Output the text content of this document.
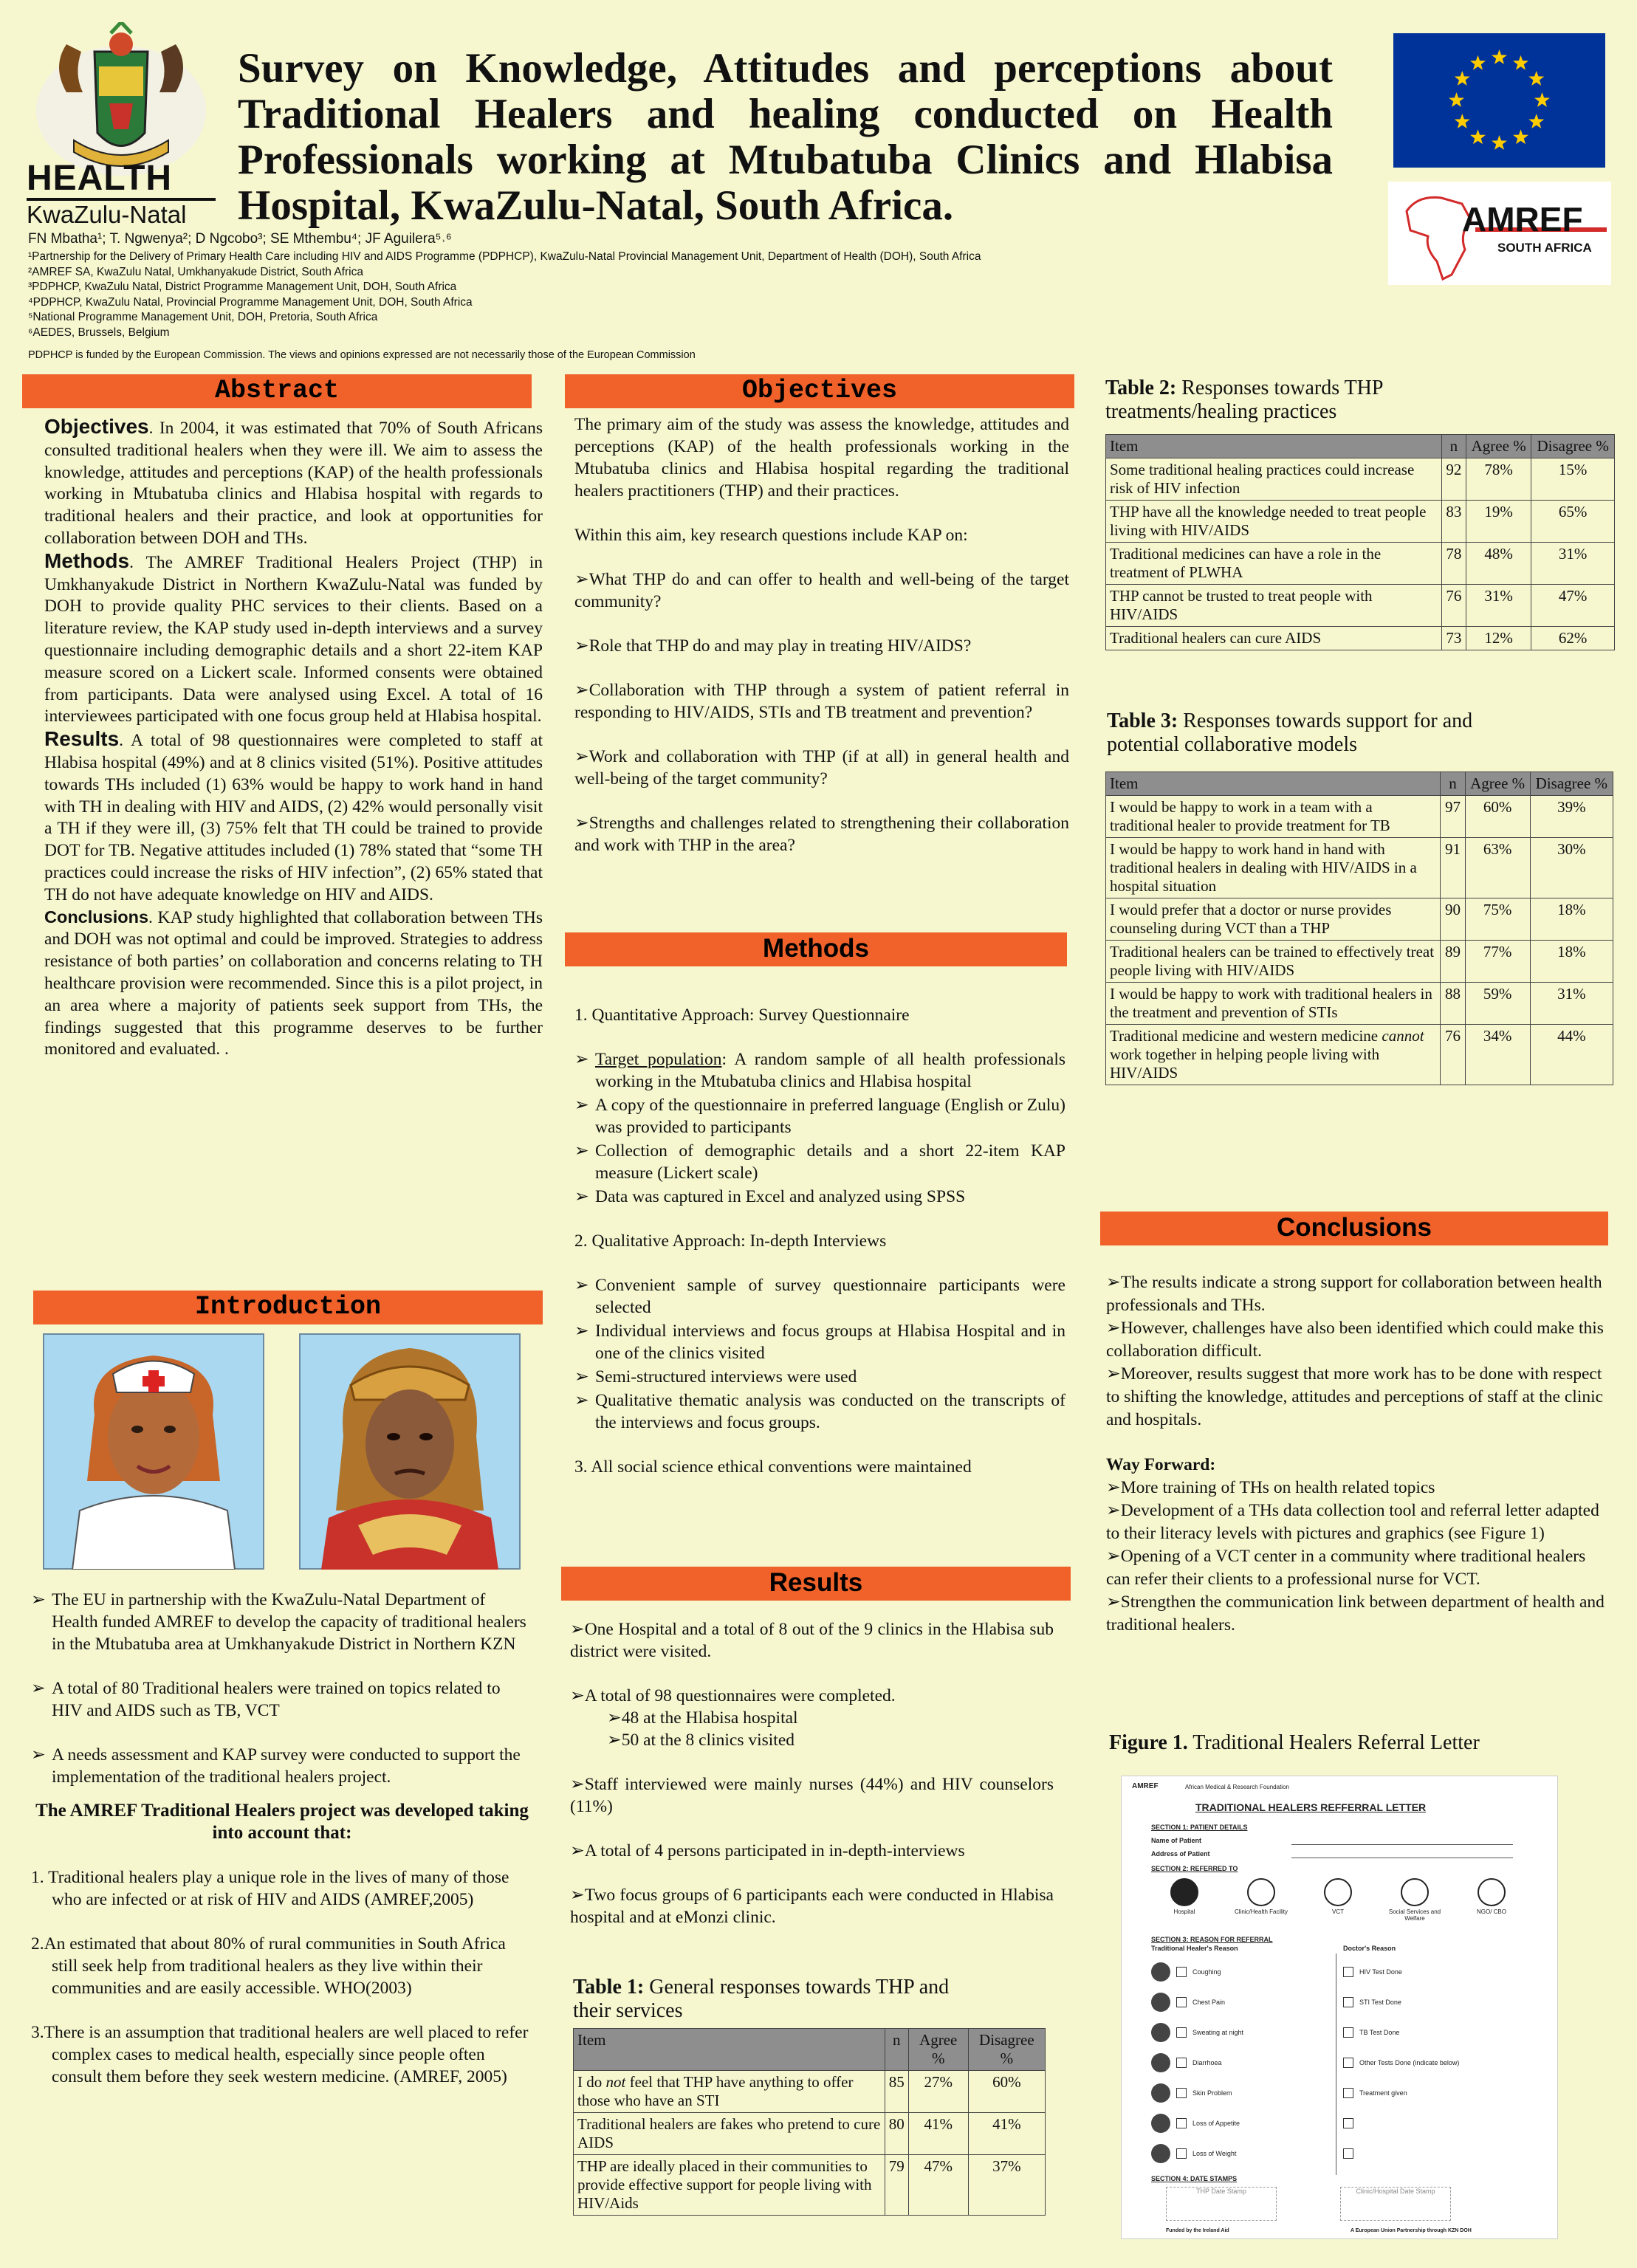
HEALTH
KwaZulu-Natal
Survey on Knowledge, Attitudes and perceptions about Traditional Healers and healing conducted on Health Professionals working at Mtubatuba Clinics and Hlabisa Hospital, KwaZulu-Natal, South Africa.	AMREF
SOUTH AFRICA
FN Mbatha¹; T. Ngwenya²; D Ngcobo³; SE Mthembu⁴; JF Aguilera⁵˒⁶
¹Partnership for the Delivery of Primary Health Care including HIV and AIDS Programme (PDPHCP), KwaZulu-Natal Provincial Management Unit, Department of Health (DOH), South Africa
²AMREF SA, KwaZulu Natal, Umkhanyakude District, South Africa
³PDPHCP, KwaZulu Natal, District Programme Management Unit, DOH, South Africa
⁴PDPHCP, KwaZulu Natal, Provincial Programme Management Unit, DOH, South Africa
⁵National Programme Management Unit, DOH, Pretoria, South Africa
⁶AEDES, Brussels, Belgium
PDPHCP is funded by the European Commission. The views and opinions expressed are not necessarily those of the European Commission
Abstract
Objectives. In 2004, it was estimated that 70% of South Africans consulted traditional healers when they were ill. We aim to assess the knowledge, attitudes and perceptions (KAP) of the health professionals working in Mtubatuba clinics and Hlabisa hospital with regards to traditional healers and their practice, and look at opportunities for collaboration between DOH and THs.
Methods. The AMREF Traditional Healers Project (THP) in Umkhanyakude District in Northern KwaZulu-Natal was funded by DOH to provide quality PHC services to their clients. Based on a literature review, the KAP study used in-depth interviews and a survey questionnaire including demographic details and a short 22-item KAP measure scored on a Lickert scale. Informed consents were obtained from participants. Data were analysed using Excel. A total of 16 interviewees participated with one focus group held at Hlabisa hospital.
Results. A total of 98 questionnaires were completed to staff at Hlabisa hospital (49%) and at 8 clinics visited (51%). Positive attitudes towards THs included (1) 63% would be happy to work hand in hand with TH in dealing with HIV and AIDS, (2) 42% would personally visit a TH if they were ill, (3) 75% felt that TH could be trained to provide DOT for TB. Negative attitudes included (1) 78% stated that “some TH practices could increase the risks of HIV infection”, (2) 65% stated that TH do not have adequate knowledge on HIV and AIDS.
Conclusions. KAP study highlighted that collaboration between THs and DOH was not optimal and could be improved. Strategies to address resistance of both parties’ on collaboration and concerns relating to TH healthcare provision were recommended. Since this is a pilot project, in an area where a majority of patients seek support from THs, the findings suggested that this programme deserves to be further monitored and evaluated. .
Introduction
➢ The EU in partnership with the KwaZulu-Natal Department of Health funded AMREF to develop the capacity of traditional healers in the Mtubatuba area at Umkhanyakude District in Northern KZN
➢ A total of 80 Traditional healers were trained on topics related to HIV and AIDS such as TB, VCT
➢ A needs assessment and KAP survey were conducted to support the implementation of the traditional healers project.
The AMREF Traditional Healers project was developed taking into account that:
1. Traditional healers play a unique role in the lives of many of those who are infected or at risk of HIV and AIDS (AMREF,2005)
2.An estimated that about 80% of rural communities in South Africa still seek help from traditional healers as they live within their communities and are easily accessible. WHO(2003)
3.There is an assumption that traditional healers are well placed to refer complex cases to medical health, especially since people often consult them before they seek western medicine. (AMREF, 2005)
Objectives

The primary aim of the study was assess the knowledge, attitudes and perceptions (KAP) of the health professionals working in the Mtubatuba clinics and Hlabisa hospital regarding the traditional healers practitioners (THP) and their practices.

Within this aim, key research questions include KAP on:

➢What THP do and can offer to health and well-being of the target community?

➢Role that THP do and may play in treating HIV/AIDS?

➢Collaboration with THP through a system of patient referral in responding to HIV/AIDS, STIs and TB treatment and prevention?

➢Work and collaboration with THP (if at all) in general health and well-being of the target community?

➢Strengths and challenges related to strengthening their collaboration and work with THP in the area?

Methods

1. Quantitative Approach: Survey Questionnaire

➢ Target population: A random sample of all health professionals working in the Mtubatuba clinics and Hlabisa hospital
➢ A copy of the questionnaire in preferred language (English or Zulu) was provided to participants
➢ Collection of demographic details and a short 22-item KAP measure (Lickert scale)
➢ Data was captured in Excel and analyzed using SPSS

2. Qualitative Approach: In-depth Interviews

➢ Convenient sample of survey questionnaire participants were selected
➢ Individual interviews and focus groups at Hlabisa Hospital and in one of the clinics visited
➢ Semi-structured interviews were used
➢ Qualitative thematic analysis was conducted on the transcripts of the interviews and focus groups.

3. All social science ethical conventions were maintained

Results

➢One Hospital and a total of 8 out of the 9 clinics in the Hlabisa sub district were visited.

➢A total of 98 questionnaires were completed.
➢48 at the Hlabisa hospital

➢50 at the 8 clinics visited

➢Staff interviewed were mainly nurses (44%) and HIV counselors (11%)

➢A total of 4 persons participated in in-depth-interviews

➢Two focus groups of 6 participants each were conducted in Hlabisa hospital and at eMonzi clinic.

Table 1: General responses towards THP and their services
Item	n	Agree %	Disagree %
I do not feel that THP have anything to offer those who have an STI	85	27%	60%
Traditional healers are fakes who pretend to cure AIDS	80	41%	41%
THP are ideally placed in their communities to provide effective support for people living with HIV/Aids	79	47%	37%
Table 2: Responses towards THP treatments/healing practices
Item	n	Agree %	Disagree %
Some traditional healing practices could increase risk of HIV infection	92	78%	15%
THP have all the knowledge needed to treat people living with HIV/AIDS	83	19%	65%
Traditional medicines can have a role in the treatment of PLWHA	78	48%	31%
THP cannot be trusted to treat people with HIV/AIDS	76	31%	47%
Traditional healers can cure AIDS	73	12%	62%
Table 3: Responses towards support for and potential collaborative models
Item	n	Agree %	Disagree %
I would be happy to work in a team with a traditional healer to provide treatment for TB	97	60%	39%
I would be happy to work hand in hand with traditional healers in dealing with HIV/AIDS in a hospital situation	91	63%	30%
I would prefer that a doctor or nurse provides counseling during VCT than a THP	90	75%	18%
Traditional healers can be trained to effectively treat people living with HIV/AIDS	89	77%	18%
I would be happy to work with traditional healers in the treatment and prevention of STIs	88	59%	31%
Traditional medicine and western medicine cannot work together in helping people living with HIV/AIDS	76	34%	44%
Conclusions
➢The results indicate a strong support for collaboration between health professionals and THs.
➢However, challenges have also been identified which could make this collaboration difficult.
➢Moreover, results suggest that more work has to be done with respect to shifting the knowledge, attitudes and perceptions of staff at the clinic and hospitals.
Way Forward:
➢More training of THs on health related topics
➢Development of a THs data collection tool and referral letter adapted to their literacy levels with pictures and graphics (see Figure 1)
➢Opening of a VCT center in a community where traditional healers can refer their clients to a professional nurse for VCT.
➢Strengthen the communication link between department of health and traditional healers.
Figure 1. Traditional Healers Referral Letter
AMREF	African Medical & Research Foundation
TRADITIONAL HEALERS REFFERRAL LETTER
SECTION 1: PATIENT DETAILS
Name of Patient
Address of Patient
SECTION 2: REFERRED TO
Hospital	Clinic/Health Facility	VCT	Social Services and Welfare
NGO/ CBO
SECTION 3: REASON FOR REFERRAL
Traditional Healer's Reason	Doctor's Reason
Coughing
Chest Pain
Sweating at night
Diarrhoea
Skin Problem
Loss of Appetite
Loss of Weight
HIV Test Done
STI Test Done
TB Test Done
Other Tests Done (indicate below)
Treatment given
SECTION 4: DATE STAMPS
THP Date Stamp	Clinic/Hospital Date Stamp
Funded by the Ireland Aid	A European Union Partnership through KZN DOH
